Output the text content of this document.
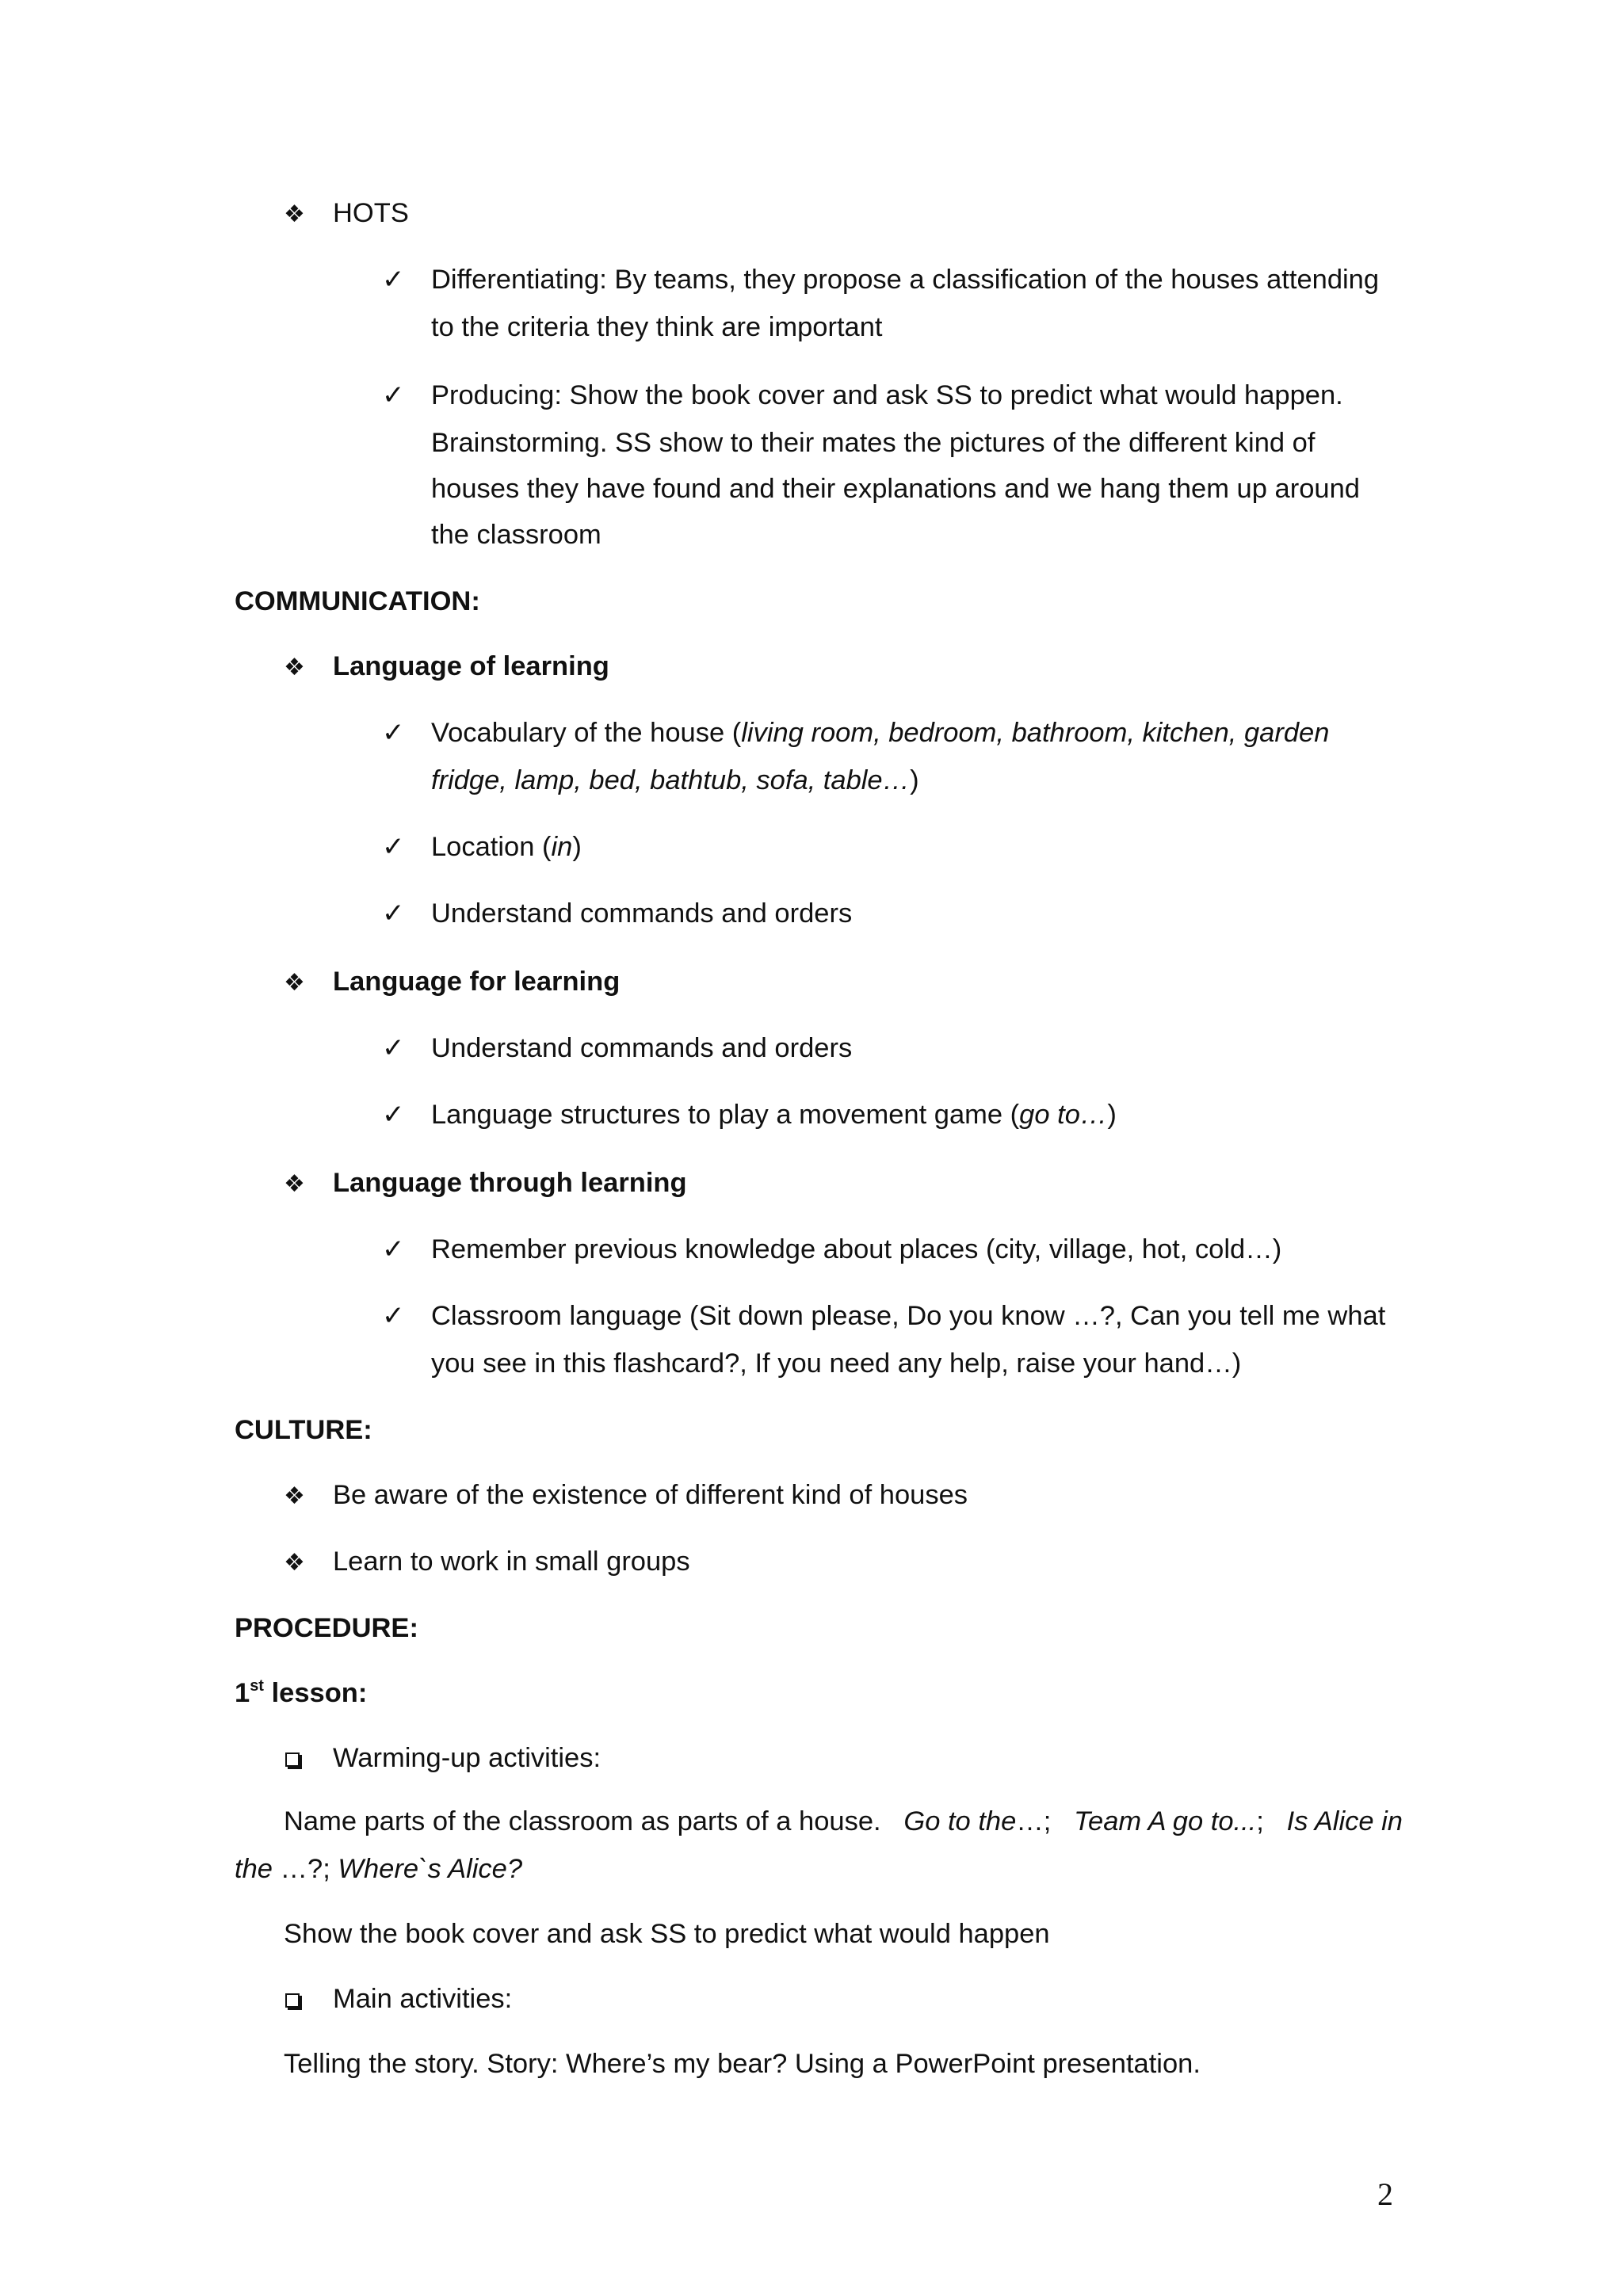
❖ HOTS
✓ Differentiating: By teams, they propose a classification of the houses attending
to the criteria they think are important
✓ Producing: Show the book cover and ask SS to predict what would happen.
Brainstorming. SS show to their mates the pictures of the different kind of
houses they have found and their explanations and we hang them up around
the classroom
COMMUNICATION:
❖ Language of learning
✓ Vocabulary of the house (living room, bedroom, bathroom, kitchen, garden
fridge, lamp, bed, bathtub, sofa, table…)
✓ Location (in)
✓ Understand commands and orders
❖ Language for learning
✓ Understand commands and orders
✓ Language structures to play a movement game (go to…)
❖ Language through learning
✓ Remember previous knowledge about places (city, village, hot, cold…)
✓ Classroom language (Sit down please, Do you know …?, Can you tell me what
you see in this flashcard?, If you need any help, raise your hand…)
CULTURE:
❖ Be aware of the existence of different kind of houses
❖ Learn to work in small groups
PROCEDURE:
1st lesson:
Warming-up activities:
Name parts of the classroom as parts of a house. Go to the…; Team A go to...; Is Alice in
the …?; Where`s Alice?
Show the book cover and ask SS to predict what would happen
Main activities:
Telling the story. Story: Where’s my bear? Using a PowerPoint presentation.
2
